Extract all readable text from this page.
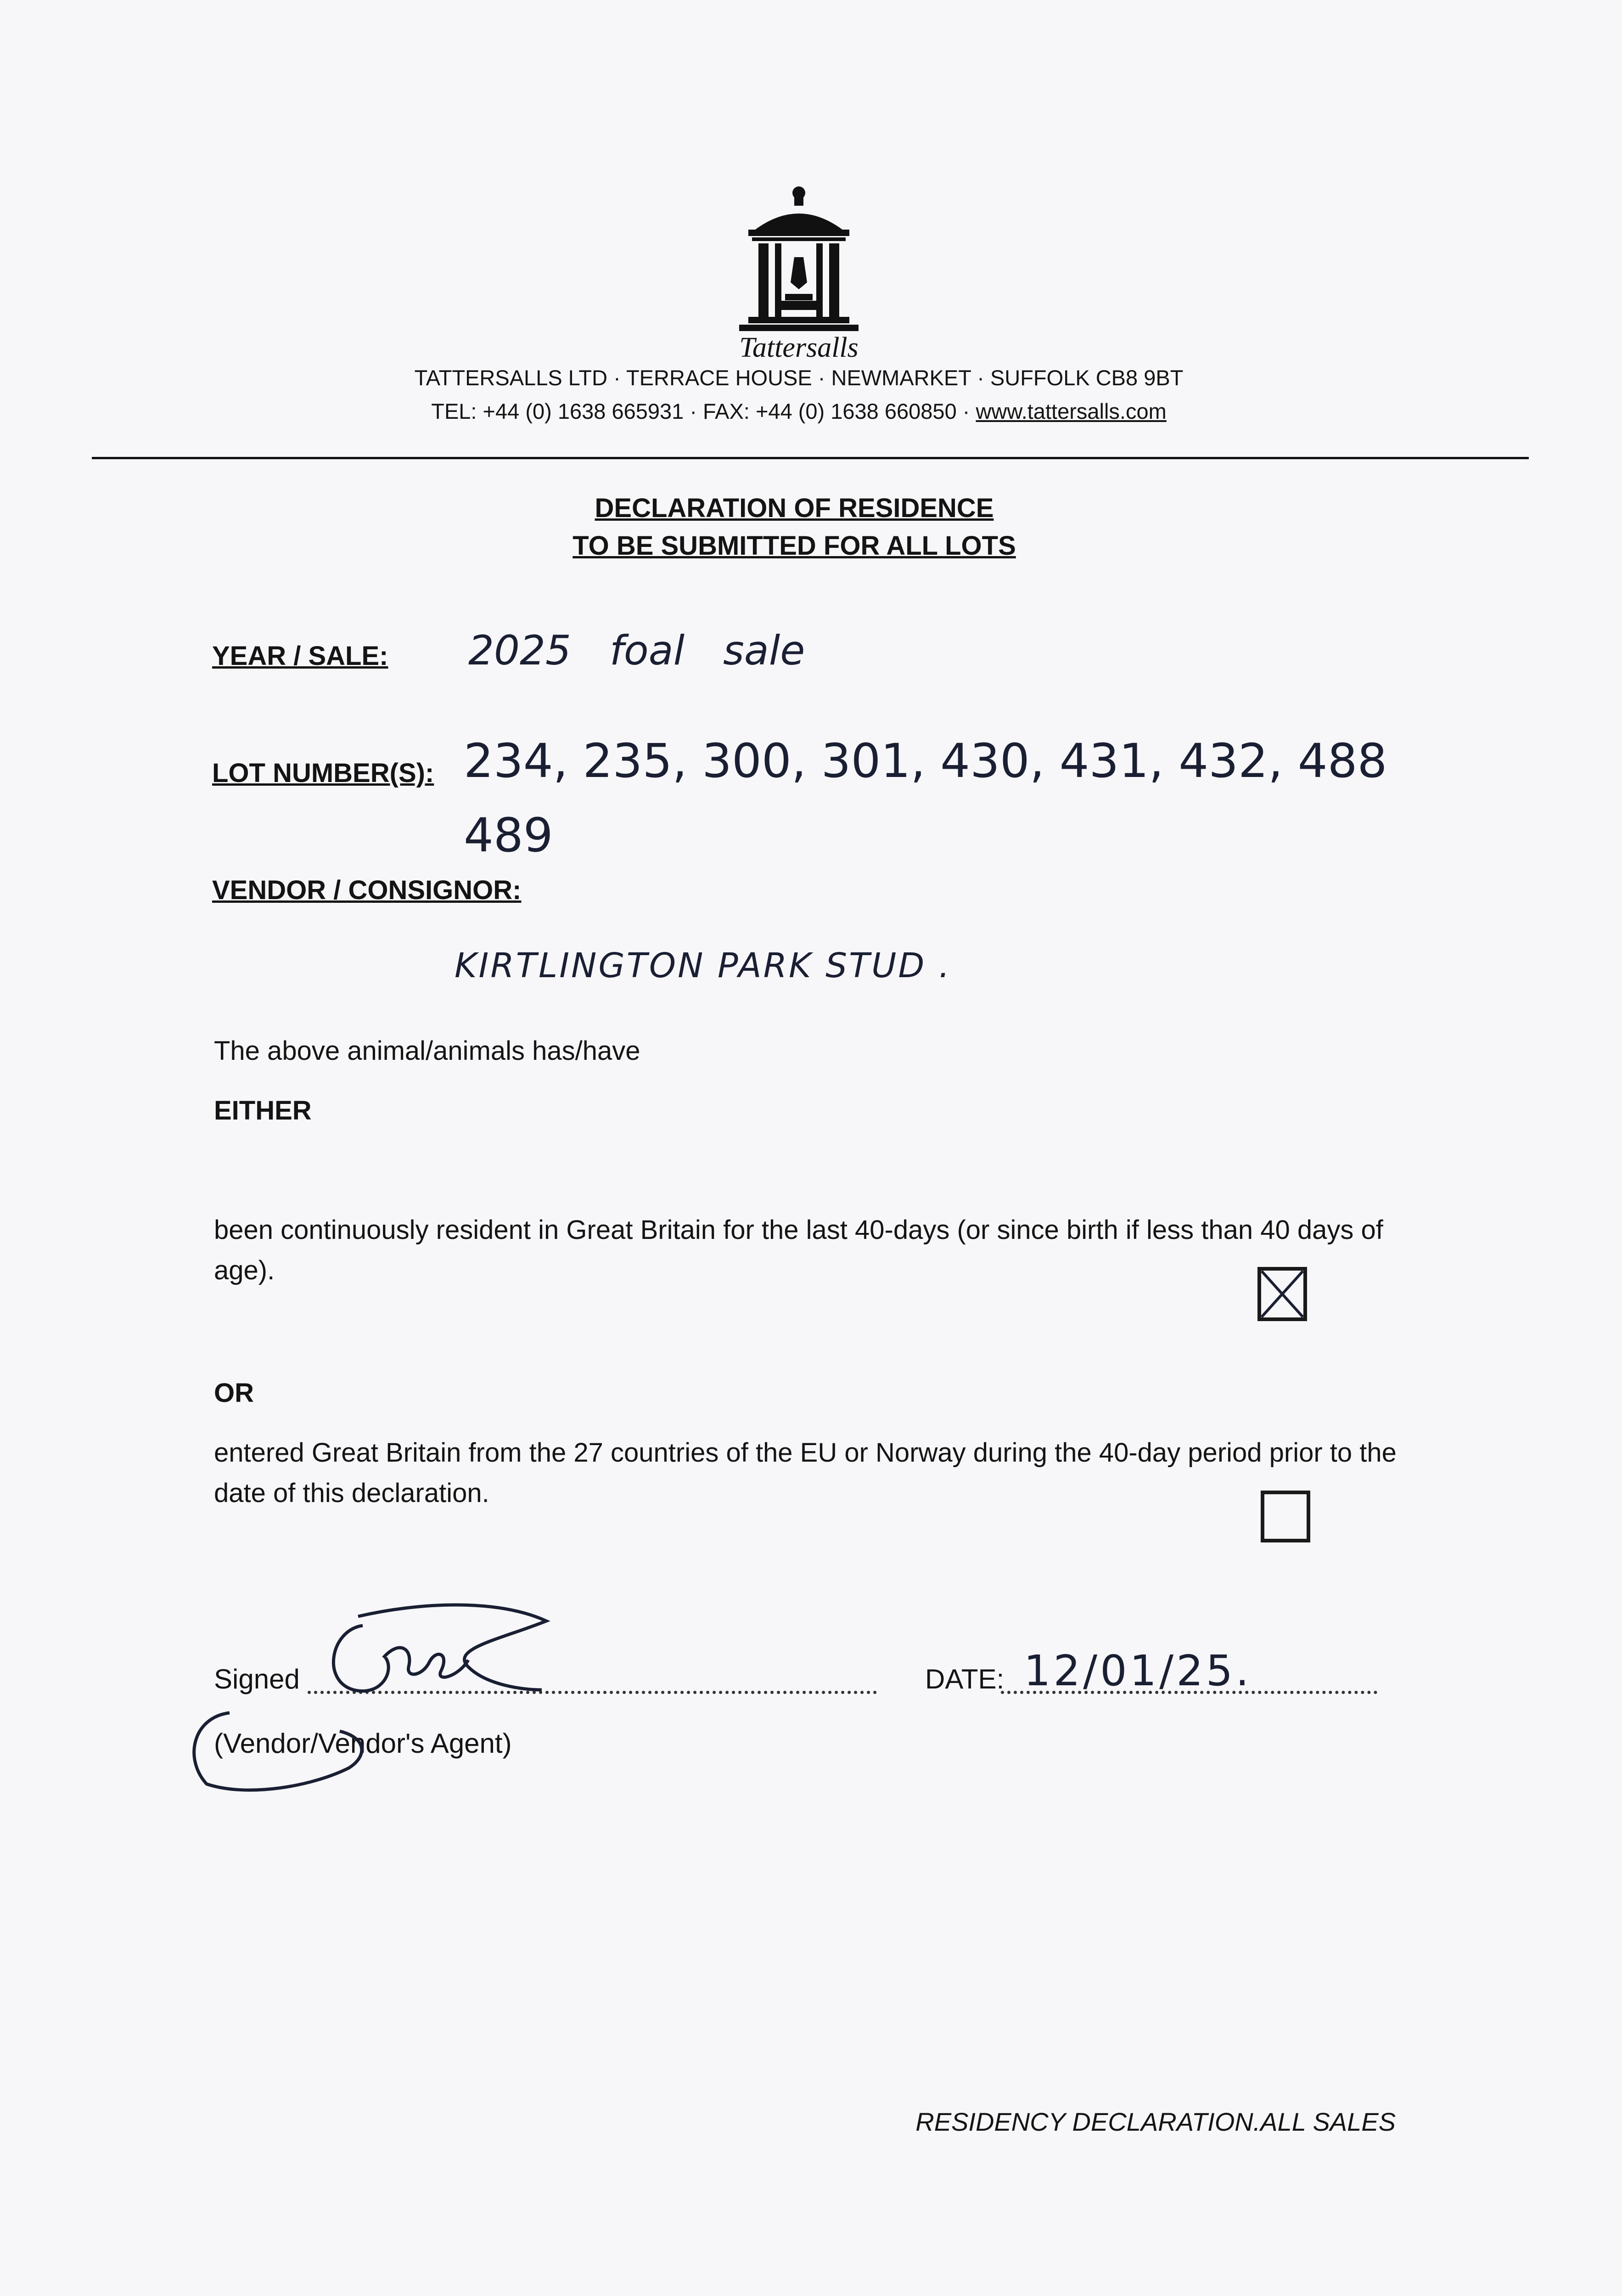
Tattersalls
TATTERSALLS LTD · TERRACE HOUSE · NEWMARKET · SUFFOLK CB8 9BT
TEL: +44 (0) 1638 665931 · FAX: +44 (0) 1638 660850 · www.tattersalls.com
DECLARATION OF RESIDENCE
TO BE SUBMITTED FOR ALL LOTS
YEAR / SALE: 2025   foal   sale
LOT NUMBER(S): 234, 235, 300, 301, 430, 431, 432, 488
489
VENDOR / CONSIGNOR:
KIRTLINGTON PARK STUD .
The above animal/animals has/have
EITHER
been continuously resident in Great Britain for the last 40-days (or since birth if less than 40 days of age).
OR
entered Great Britain from the 27 countries of the EU or Norway during the 40-day period prior to the date of this declaration.
Signed	DATE: 12/01/25.
(Vendor/Vendor's Agent)
RESIDENCY DECLARATION.ALL SALES
